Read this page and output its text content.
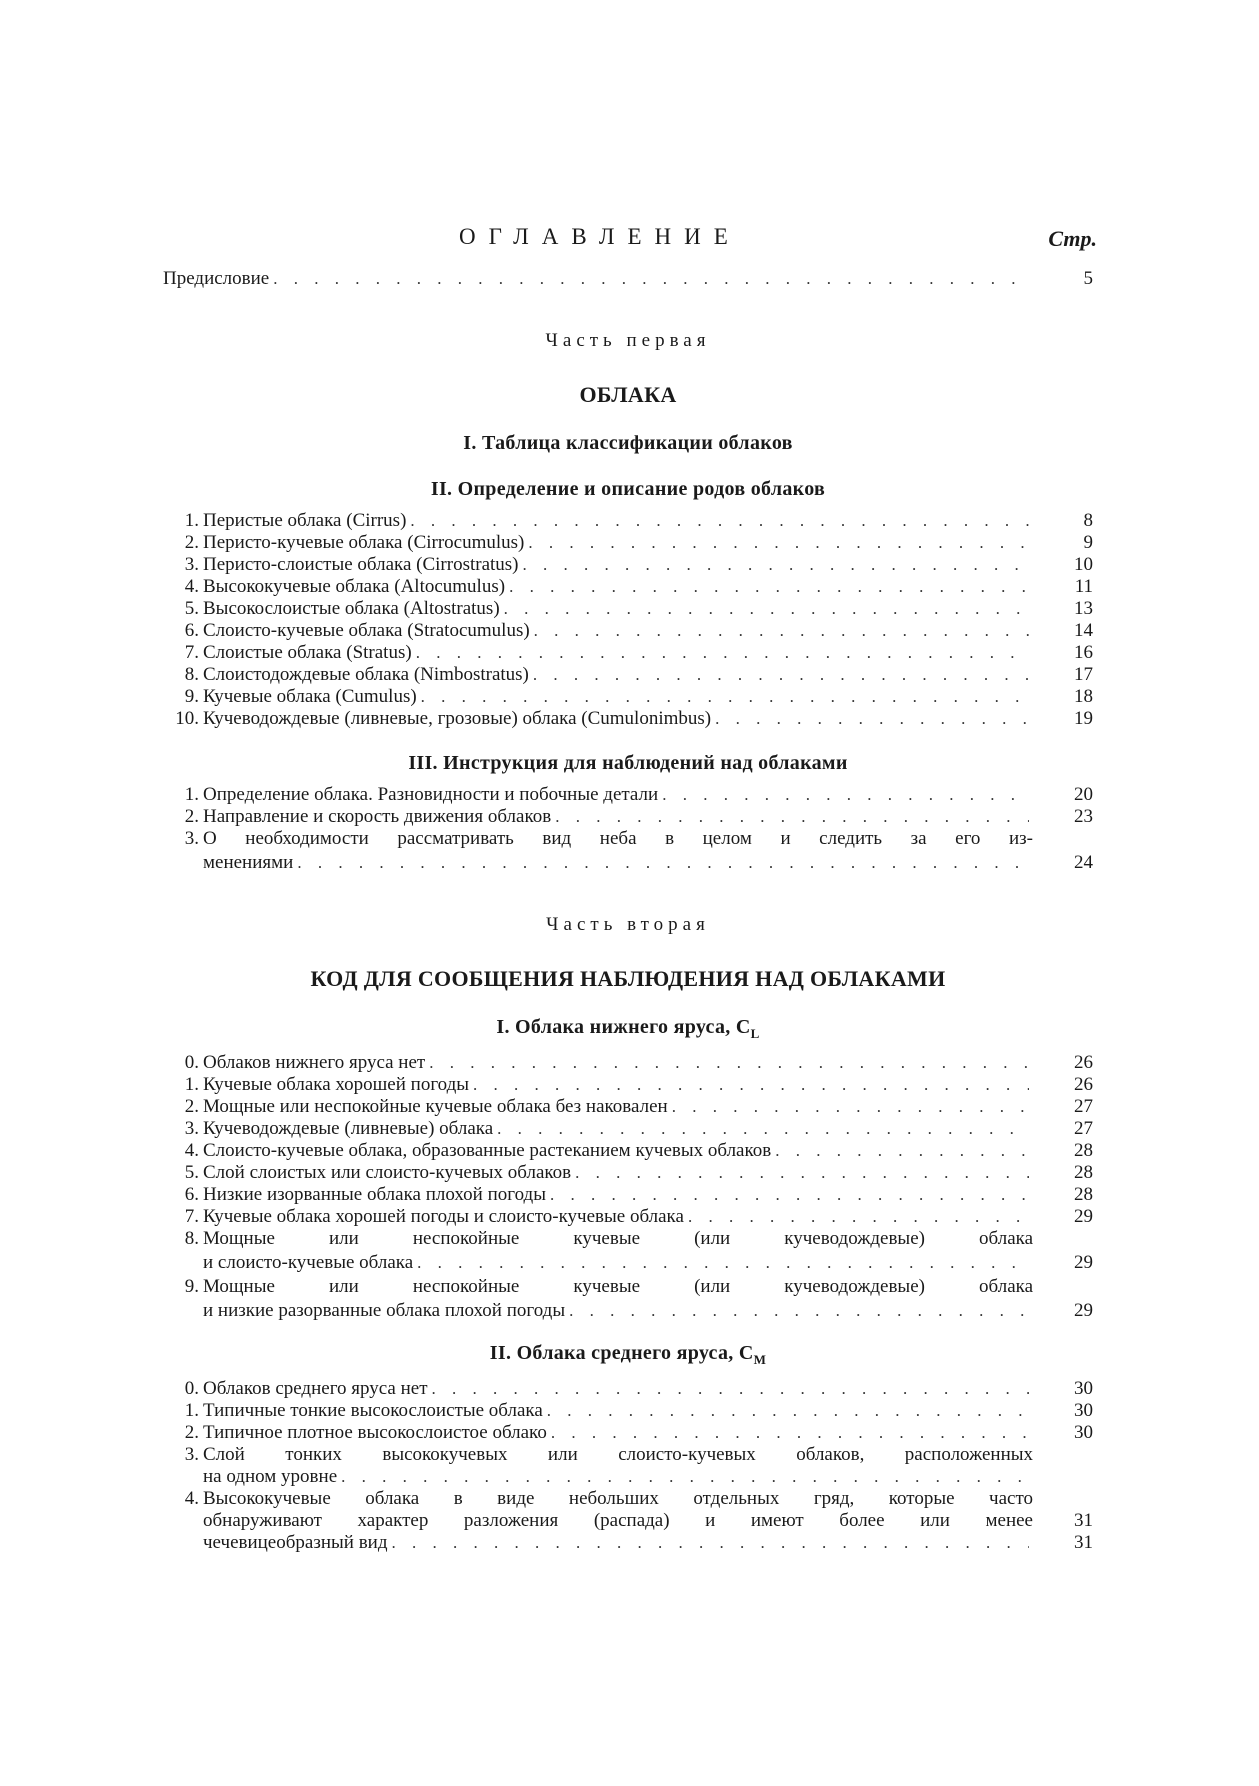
ОГЛАВЛЕНИЕ	Стр.
Предисловие . . .	5
Часть первая
ОБЛАКА
I. Таблица классификации облаков
II. Определение и описание родов облаков
1. Перистые облака (Cirrus) . . .	8
2. Перисто-кучевые облака (Cirrocumulus) . . .	9
3. Перисто-слоистые облака (Cirrostratus) . . .	10
4. Высококучевые облака (Altocumulus) . . .	11
5. Высокослоистые облака (Altostratus) . . .	13
6. Слоисто-кучевые облака (Stratocumulus) . . .	14
7. Слоистые облака (Stratus) . . .	16
8. Слоистодождевые облака (Nimbostratus) . . .	17
9. Кучевые облака (Cumulus) . . .	18
10. Кучеводождевые (ливневые, грозовые) облака (Cumulonimbus) . . .	19
III. Инструкция для наблюдений над облаками
1. Определение облака. Разновидности и побочные детали . . .	20
2. Направление и скорость движения облаков . . .	23
3. О необходимости рассматривать вид неба в целом и следить за его из-
менениями . . .	24
Часть вторая
КОД ДЛЯ СООБЩЕНИЯ НАБЛЮДЕНИЯ НАД ОБЛАКАМИ
I. Облака нижнего яруса, $C_L$
0. Облаков нижнего яруса нет . . .	26
1. Кучевые облака хорошей погоды . . .	26
2. Мощные или неспокойные кучевые облака без наковален . . .	27
3. Кучеводождевые (ливневые) облака . . .	27
4. Слоисто-кучевые облака, образованные растеканием кучевых облаков . . .	28
5. Слой слоистых или слоисто-кучевых облаков . . .	28
6. Низкие изорванные облака плохой погоды . . .	28
7. Кучевые облака хорошей погоды и слоисто-кучевые облака . . .	29
8. Мощные или неспокойные кучевые (или кучеводождевые) облака
и слоисто-кучевые облака . . .	29
9. Мощные или неспокойные кучевые (или кучеводождевые) облака
и низкие разорванные облака плохой погоды . . .	29
II. Облака среднего яруса, $C_M$
0. Облаков среднего яруса нет . . .	30
1. Типичные тонкие высокослоистые облака . . .	30
2. Типичное плотное высокослоистое облако . . .	30
3. Слой тонких высококучевых или слоисто-кучевых облаков, расположенных
на одном уровне
. . .
4. Высококучевые облака в виде небольших отдельных гряд, которые часто
обнаруживают характер разложения (распада) и имеют более или менее	31
чечевицеобразный вид . . .	31
